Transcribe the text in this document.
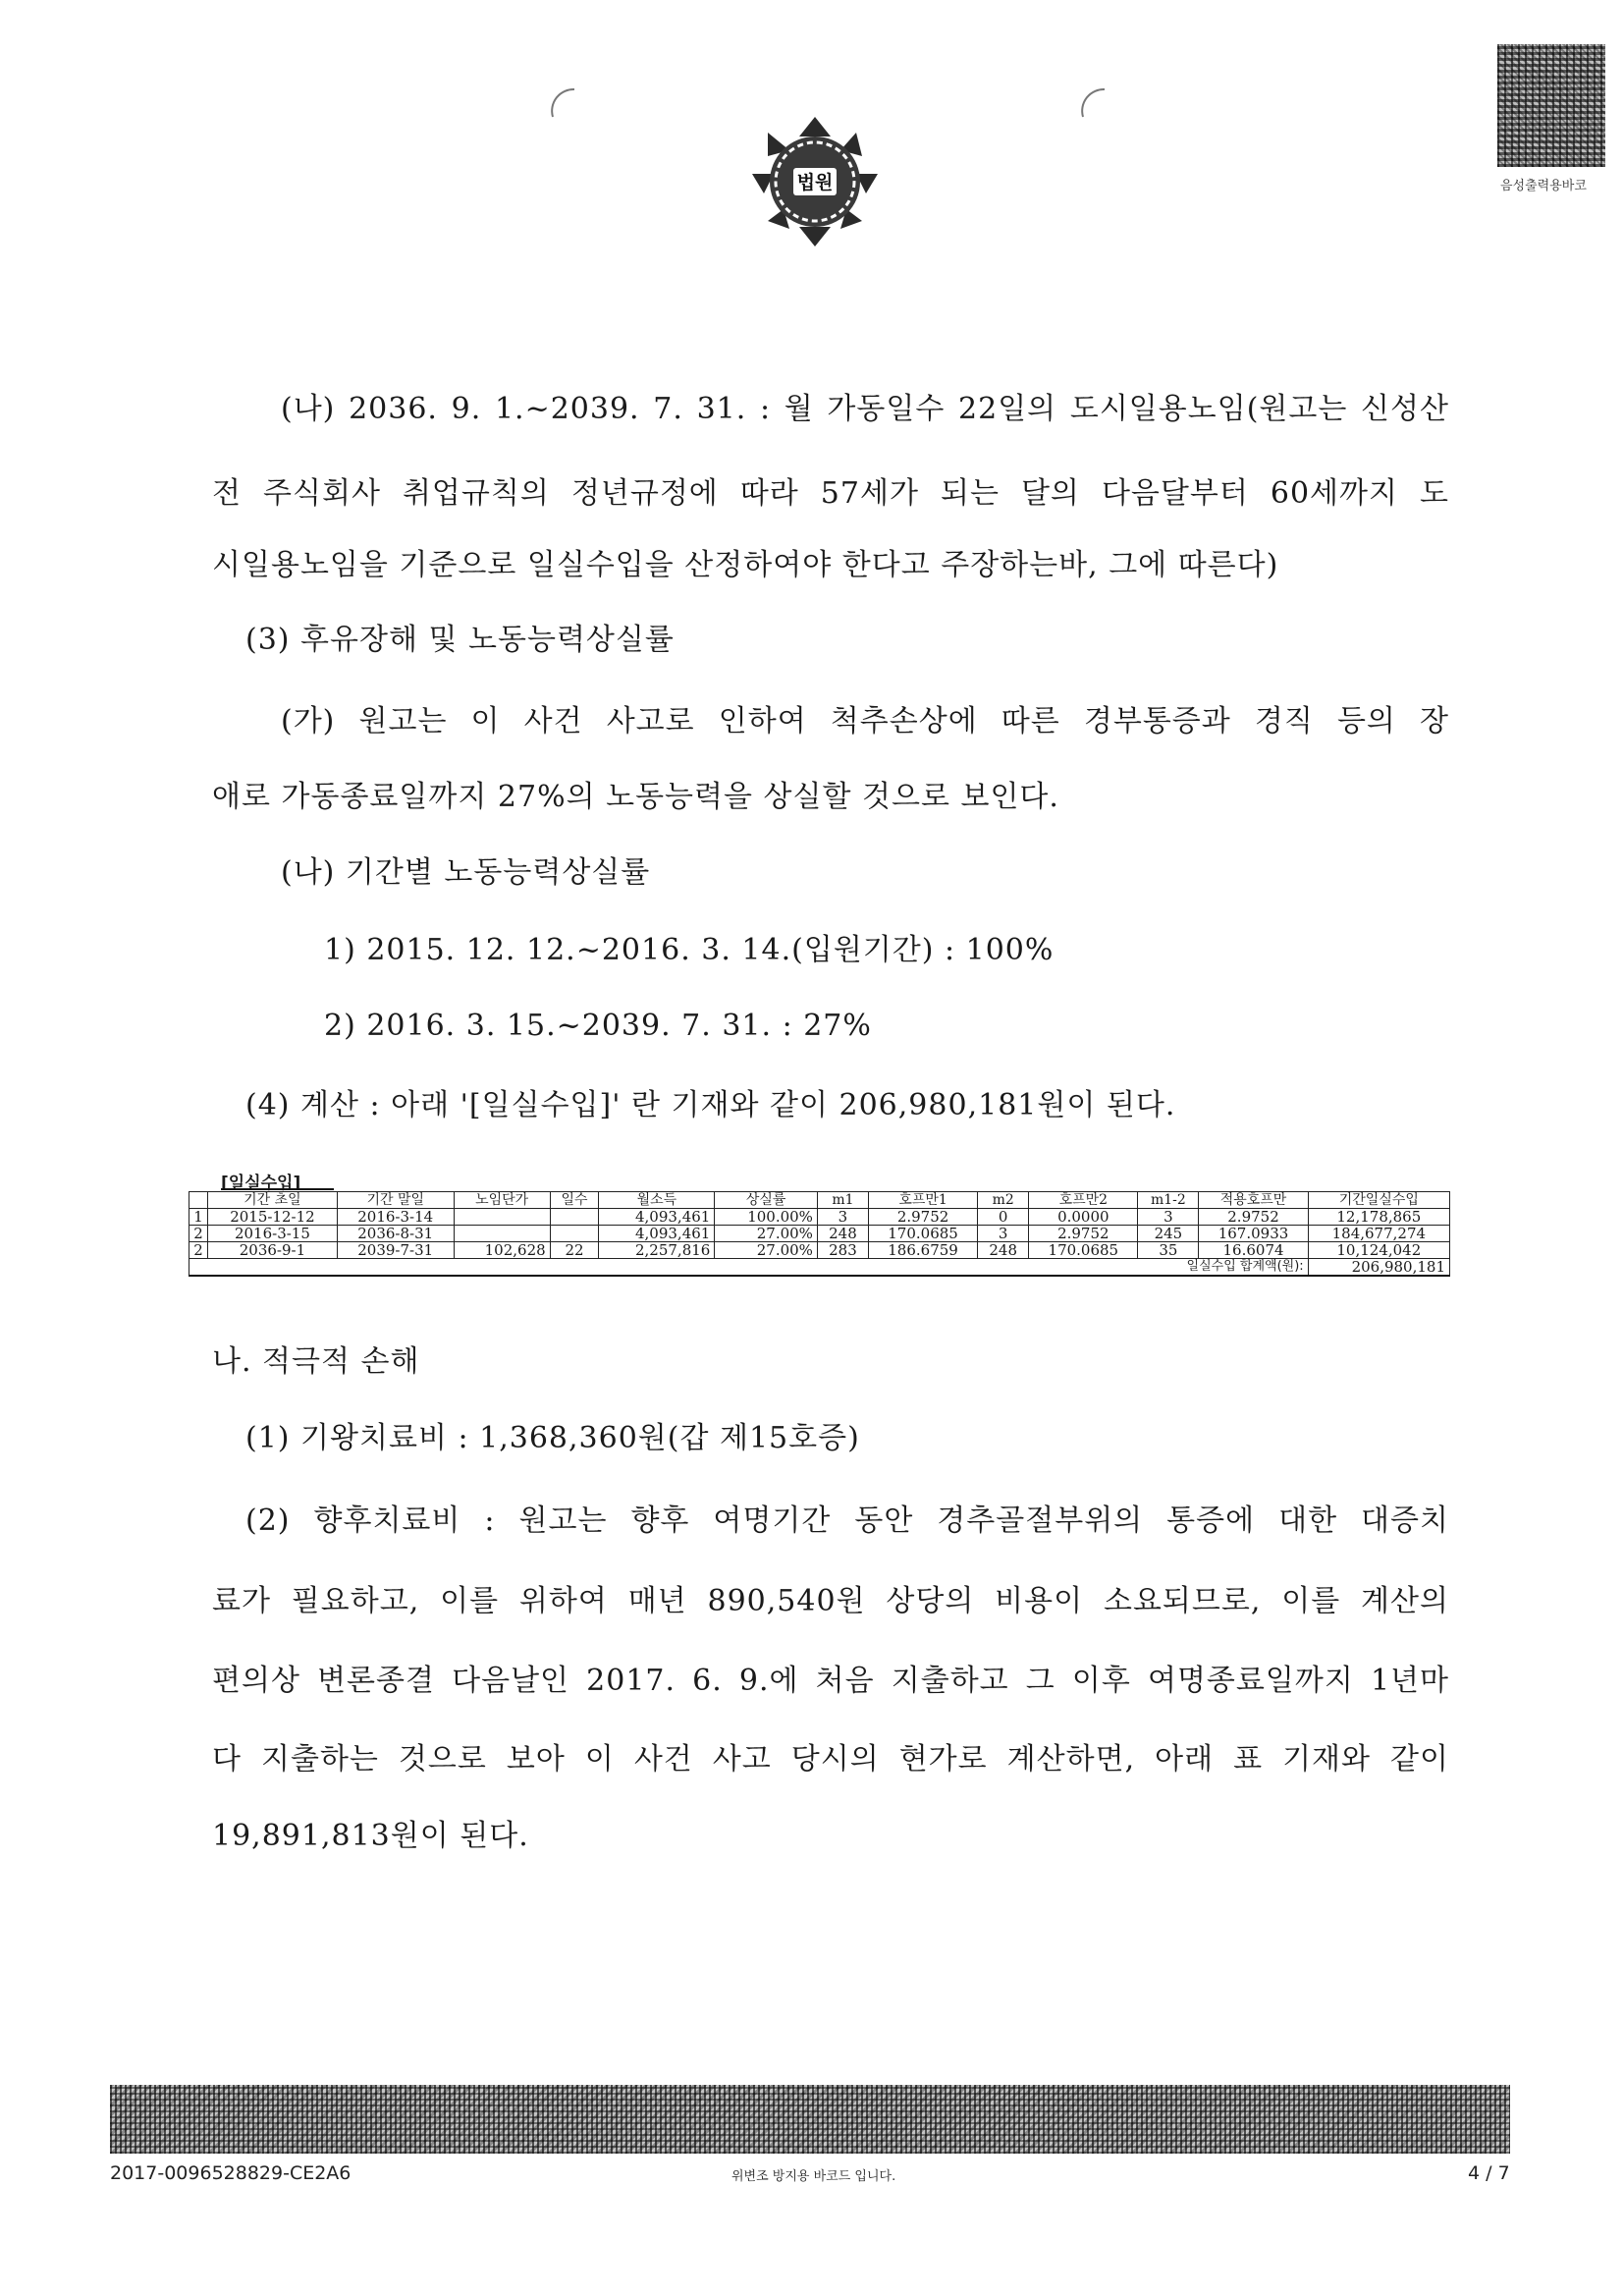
법원	음성출력용바코
(나) 2036. 9. 1.~2039. 7. 31. : 월 가동일수 22일의 도시일용노임(원고는 신성산
전 주식회사 취업규칙의 정년규정에 따라 57세가 되는 달의 다음달부터 60세까지 도
시일용노임을 기준으로 일실수입을 산정하여야 한다고 주장하는바, 그에 따른다)
(3) 후유장해 및 노동능력상실률
(가) 원고는 이 사건 사고로 인하여 척추손상에 따른 경부통증과 경직 등의 장
애로 가동종료일까지 27%의 노동능력을 상실할 것으로 보인다.
(나) 기간별 노동능력상실률
1) 2015. 12. 12.~2016. 3. 14.(입원기간) : 100%
2) 2016. 3. 15.~2039. 7. 31. : 27%
(4) 계산 : 아래 '[일실수입]' 란 기재와 같이 206,980,181원이 된다.
[일실수입]
	기간 초일	기간 말일	노임단가	일수	월소득	상실률	m1	호프만1	m2	호프만2	m1-2	적용호프만	기간일실수입
1	2015-12-12	2016-3-14			4,093,461	100.00%	3	2.9752	0	0.0000	3	2.9752	12,178,865
2	2016-3-15	2036-8-31			4,093,461	27.00%	248	170.0685	3	2.9752	245	167.0933	184,677,274
2	2036-9-1	2039-7-31	102,628	22	2,257,816	27.00%	283	186.6759	248	170.0685	35	16.6074	10,124,042
일실수입 합계액(원):													206,980,181
나. 적극적 손해
(1) 기왕치료비 : 1,368,360원(갑 제15호증)
(2) 향후치료비 : 원고는 향후 여명기간 동안 경추골절부위의 통증에 대한 대증치
료가 필요하고, 이를 위하여 매년 890,540원 상당의 비용이 소요되므로, 이를 계산의
편의상 변론종결 다음날인 2017. 6. 9.에 처음 지출하고 그 이후 여명종료일까지 1년마
다 지출하는 것으로 보아 이 사건 사고 당시의 현가로 계산하면, 아래 표 기재와 같이
19,891,813원이 된다.
2017-0096528829-CE2A6	위변조 방지용 바코드 입니다.	4 / 7
